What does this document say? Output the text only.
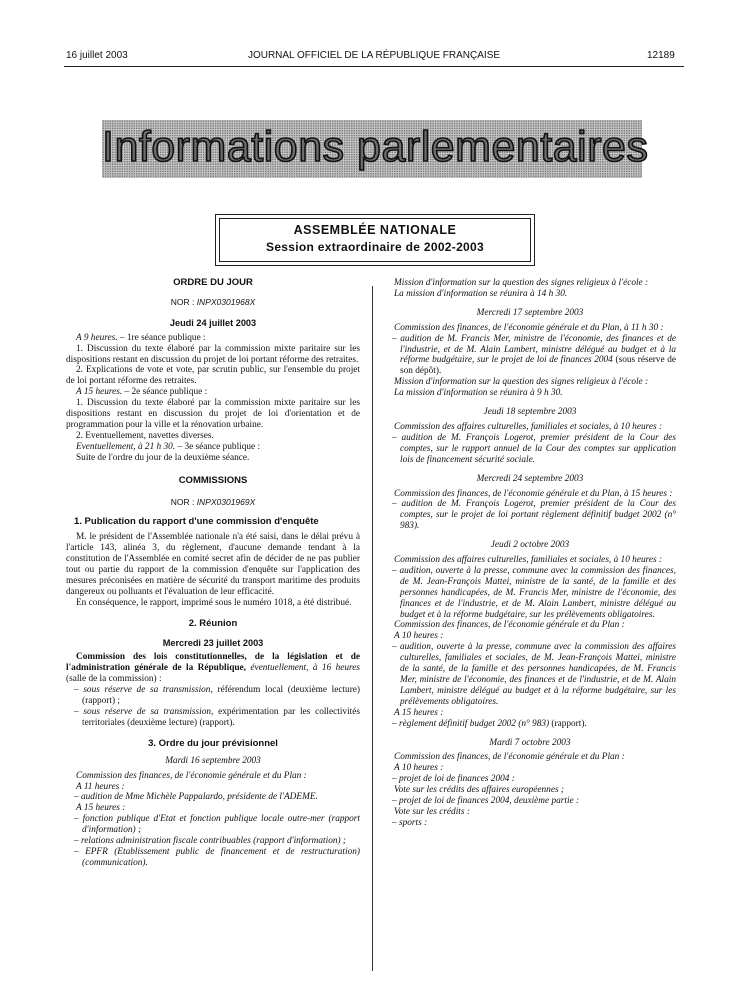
16 juillet 2003	JOURNAL OFFICIEL DE LA RÉPUBLIQUE FRANÇAISE	12189
Informations parlementaires
ASSEMBLÉE NATIONALE
Session extraordinaire de 2002-2003
ORDRE DU JOUR
NOR : INPX0301968X
Jeudi 24 juillet 2003

A 9 heures. – 1re séance publique :

1. Discussion du texte élaboré par la commission mixte paritaire sur les dispositions restant en discussion du projet de loi portant réforme des retraites.

2. Explications de vote et vote, par scrutin public, sur l'ensemble du projet de loi portant réforme des retraites.

A 15 heures. – 2e séance publique :

1. Discussion du texte élaboré par la commission mixte paritaire sur les dispositions restant en discussion du projet de loi d'orientation et de programmation pour la ville et la rénovation urbaine.

2. Eventuellement, navettes diverses.

Eventuellement, à 21 h 30. – 3e séance publique :

Suite de l'ordre du jour de la deuxième séance.

COMMISSIONS
NOR : INPX0301969X
1. Publication du rapport d'une commission d'enquête

M. le président de l'Assemblée nationale n'a été saisi, dans le délai prévu à l'article 143, alinéa 3, du règlement, d'aucune demande tendant à la constitution de l'Assemblée en comité secret afin de décider de ne pas publier tout ou partie du rapport de la commission d'enquête sur l'application des mesures préconisées en matière de sécurité du transport maritime des produits dangereux ou polluants et l'évaluation de leur efficacité.

En conséquence, le rapport, imprimé sous le numéro 1018, a été distribué.

2. Réunion
Mercredi 23 juillet 2003

Commission des lois constitutionnelles, de la législation et de l'administration générale de la République, éventuellement, à 16 heures (salle de la commission) :

– sous réserve de sa transmission, référendum local (deuxième lecture) (rapport) ;

– sous réserve de sa transmission, expérimentation par les collectivités territoriales (deuxième lecture) (rapport).

3. Ordre du jour prévisionnel
Mardi 16 septembre 2003

Commission des finances, de l'économie générale et du Plan :

A 11 heures :

– audition de Mme Michèle Pappalardo, présidente de l'ADEME.

A 15 heures :

– fonction publique d'Etat et fonction publique locale outre-mer (rapport d'information) ;

– relations administration fiscale contribuables (rapport d'information) ;

– EPFR (Etablissement public de financement et de restructuration) (communication).

Mission d'information sur la question des signes religieux à l'école :

La mission d'information se réunira à 14 h 30.

Mercredi 17 septembre 2003

Commission des finances, de l'économie générale et du Plan, à 11 h 30 :

– audition de M. Francis Mer, ministre de l'économie, des finances et de l'industrie, et de M. Alain Lambert, ministre délégué au budget et à la réforme budgétaire, sur le projet de loi de finances 2004 (sous réserve de son dépôt).

Mission d'information sur la question des signes religieux à l'école :

La mission d'information se réunira à 9 h 30.

Jeudi 18 septembre 2003

Commission des affaires culturelles, familiales et sociales, à 10 heures :

– audition de M. François Logerot, premier président de la Cour des comptes, sur le rapport annuel de la Cour des comptes sur application lois de financement sécurité sociale.

Mercredi 24 septembre 2003

Commission des finances, de l'économie générale et du Plan, à 15 heures :

– audition de M. François Logerot, premier président de la Cour des comptes, sur le projet de loi portant règlement définitif budget 2002 (n° 983).

Jeudi 2 octobre 2003

Commission des affaires culturelles, familiales et sociales, à 10 heures :

– audition, ouverte à la presse, commune avec la commission des finances, de M. Jean-François Mattei, ministre de la santé, de la famille et des personnes handicapées, de M. Francis Mer, ministre de l'économie, des finances et de l'industrie, et de M. Alain Lambert, ministre délégué au budget et à la réforme budgétaire, sur les prélèvements obligatoires.

Commission des finances, de l'économie générale et du Plan :

A 10 heures :

– audition, ouverte à la presse, commune avec la commission des affaires culturelles, familiales et sociales, de M. Jean-François Mattei, ministre de la santé, de la famille et des personnes handicapées, de M. Francis Mer, ministre de l'économie, des finances et de l'industrie, et de M. Alain Lambert, ministre délégué au budget et à la réforme budgétaire, sur les prélèvements obligatoires.

A 15 heures :

– règlement définitif budget 2002 (n° 983) (rapport).

Mardi 7 octobre 2003

Commission des finances, de l'économie générale et du Plan :

A 10 heures :

– projet de loi de finances 2004 :

Vote sur les crédits des affaires européennes ;

– projet de loi de finances 2004, deuxième partie :

Vote sur les crédits :

– sports :
